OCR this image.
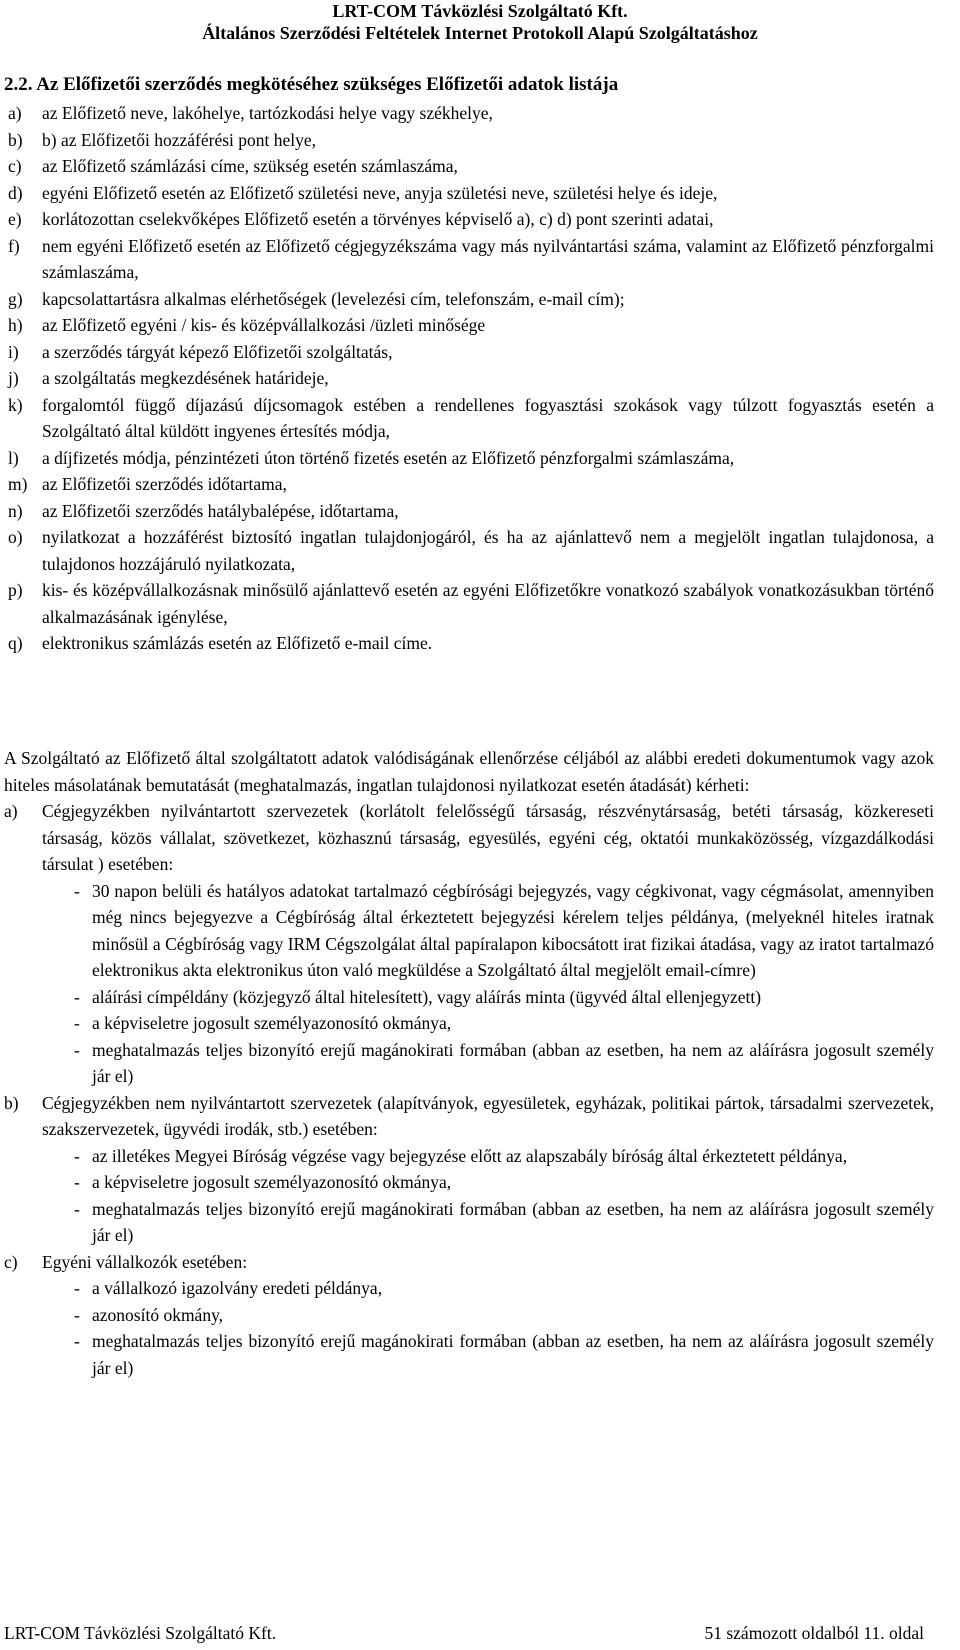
LRT-COM Távközlési Szolgáltató Kft.
Általános Szerződési Feltételek Internet Protokoll Alapú Szolgáltatáshoz
2.2. Az Előfizetői szerződés megkötéséhez szükséges Előfizetői adatok listája
a)	az Előfizető neve, lakóhelye, tartózkodási helye vagy székhelye,
b)	b) az Előfizetői hozzáférési pont helye,
c)	az Előfizető számlázási címe, szükség esetén számlaszáma,
d)	egyéni Előfizető esetén az Előfizető születési neve, anyja születési neve, születési helye és ideje,
e)	korlátozottan cselekvőképes Előfizető esetén a törvényes képviselő a), c) d) pont szerinti adatai,
f)	nem egyéni Előfizető esetén az Előfizető cégjegyzékszáma vagy más nyilvántartási száma, valamint az Előfizető pénzforgalmi számlaszáma,
g)	kapcsolattartásra alkalmas elérhetőségek (levelezési cím, telefonszám, e-mail cím);
h)	az Előfizető egyéni / kis- és középvállalkozási /üzleti minősége
i)	a szerződés tárgyát képező Előfizetői szolgáltatás,
j)	a szolgáltatás megkezdésének határideje,
k)	forgalomtól függő díjazású díjcsomagok estében a rendellenes fogyasztási szokások vagy túlzott fogyasztás esetén a Szolgáltató által küldött ingyenes értesítés módja,
l)	a díjfizetés módja, pénzintézeti úton történő fizetés esetén az Előfizető pénzforgalmi számlaszáma,
m) az Előfizetői szerződés időtartama,
n)	az Előfizetői szerződés hatálybalépése, időtartama,
o)	nyilatkozat a hozzáférést biztosító ingatlan tulajdonjogáról, és ha az ajánlattevő nem a megjelölt ingatlan tulajdonosa, a tulajdonos hozzájáruló nyilatkozata,
p)	kis- és középvállalkozásnak minősülő ajánlattevő esetén az egyéni Előfizetőkre vonatkozó szabályok vonatkozásukban történő alkalmazásának igénylése,
q)	elektronikus számlázás esetén az Előfizető e-mail címe.
A Szolgáltató az Előfizető által szolgáltatott adatok valódiságának ellenőrzése céljából az alábbi eredeti dokumentumok vagy azok hiteles másolatának bemutatását (meghatalmazás, ingatlan tulajdonosi nyilatkozat esetén átadását) kérheti:
a)	Cégjegyzékben nyilvántartott szervezetek (korlátolt felelősségű társaság, részvénytársaság, betéti társaság, közkereseti társaság, közös vállalat, szövetkezet, közhasznú társaság, egyesülés, egyéni cég, oktatói munkaközösség, vízgazdálkodási társulat ) esetében:
- 30 napon belüli és hatályos adatokat tartalmazó cégbírósági bejegyzés, vagy cégkivonat, vagy cégmásolat, amennyiben még nincs bejegyezve a Cégbíróság által érkeztetett bejegyzési kérelem teljes példánya, (melyeknél hiteles iratnak minősül a Cégbíróság vagy IRM Cégszolgálat által papíralapon kibocsátott irat fizikai átadása, vagy az iratot tartalmazó elektronikus akta elektronikus úton való megküldése a Szolgáltató által megjelölt email-címre)
- aláírási címpéldány (közjegyző által hitelesített), vagy aláírás minta (ügyvéd által ellenjegyzett)
- a képviseletre jogosult személyazonosító okmánya,
- meghatalmazás teljes bizonyító erejű magánokirati formában (abban az esetben, ha nem az aláírásra jogosult személy jár el)
b)	Cégjegyzékben nem nyilvántartott szervezetek (alapítványok, egyesületek, egyházak, politikai pártok, társadalmi szervezetek, szakszervezetek, ügyvédi irodák, stb.) esetében:
- az illetékes Megyei Bíróság végzése vagy bejegyzése előtt az alapszabály bíróság által érkeztetett példánya,
- a képviseletre jogosult személyazonosító okmánya,
- meghatalmazás teljes bizonyító erejű magánokirati formában (abban az esetben, ha nem az aláírásra jogosult személy jár el)
c)	Egyéni vállalkozók esetében:
- a vállalkozó igazolvány eredeti példánya,
- azonosító okmány,
- meghatalmazás teljes bizonyító erejű magánokirati formában (abban az esetben, ha nem az aláírásra jogosult személy jár el)
LRT-COM Távközlési Szolgáltató Kft.	51 számozott oldalból 11. oldal
